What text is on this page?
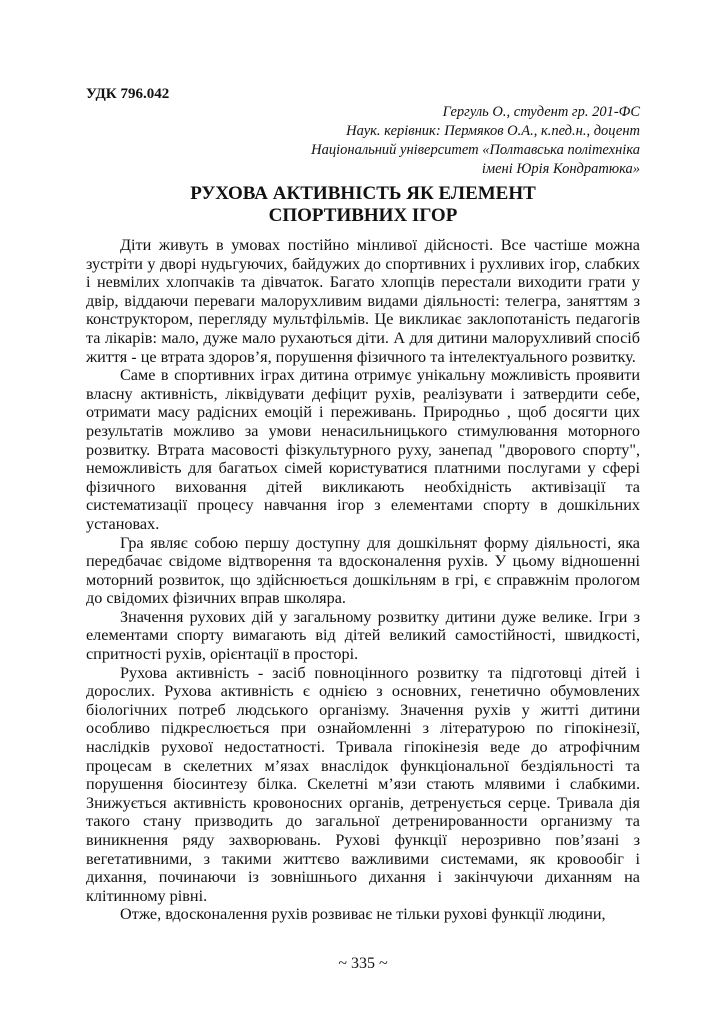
УДК 796.042
Гергуль О., студент гр. 201-ФС
Наук. керівник: Пермяков О.А., к.пед.н., доцент
Національний університет «Полтавська політехніка
імені Юрія Кондратюка»
РУХОВА АКТИВНІСТЬ ЯК ЕЛЕМЕНТ
СПОРТИВНИХ ІГОР

Діти живуть в умовах постійно мінливої дійсності. Все частіше можна зустріти у дворі нудьгуючих, байдужих до спортивних і рухливих ігор, слабких і невмілих хлопчаків та дівчаток. Багато хлопців перестали виходити грати у двір, віддаючи переваги малорухливим видами діяльності: телегра, заняттям з конструктором, перегляду мультфільмів. Це викликає заклопотаність педагогів та лікарів: мало, дуже мало рухаються діти. А для дитини малорухливий спосіб життя - це втрата здоров’я, порушення фізичного та інтелектуального розвитку.

Саме в спортивних іграх дитина отримує унікальну можливість проявити власну активність, ліквідувати дефіцит рухів, реалізувати і затвердити себе, отримати масу радісних емоцій і переживань. Природньо , щоб досягти цих результатів можливо за умови ненасильницького стимулювання моторного розвитку. Втрата масовості фізкультурного руху, занепад "дворового спорту", неможливість для багатьох сімей користуватися платними послугами у сфері фізичного виховання дітей викликають необхідність активізації та систематизації процесу навчання ігор з елементами спорту в дошкільних установах.

Гра являє собою першу доступну для дошкільнят форму діяльності, яка передбачає свідоме відтворення та вдосконалення рухів. У цьому відношенні моторний розвиток, що здійснюється дошкільням в грі, є справжнім прологом до свідомих фізичних вправ школяра.

Значення рухових дій у загальному розвитку дитини дуже велике. Ігри з елементами спорту вимагають від дітей великий самостійності, швидкості, спритності рухів, орієнтації в просторі.

Рухова активність - засіб повноцінного розвитку та підготовці дітей і дорослих. Рухова активність є однією з основних, генетично обумовлених біологічних потреб людського організму. Значення рухів у житті дитини особливо підкреслюється при ознайомленні з літературою по гіпокінезії, наслідків рухової недостатності. Тривала гіпокінезія веде до атрофічним процесам в скелетних м’язах внаслідок функціональної бездіяльності та порушення біосинтезу білка. Скелетні м’язи стають млявими і слабкими. Знижується активність кровоносних органів, детренується серце. Тривала дія такого стану призводить до загальної детренированности организму та виникнення ряду захворювань. Рухові функції нерозривно пов’язані з вегетативними, з такими життєво важливими системами, як кровообіг і дихання, починаючи із зовнішнього дихання і закінчуючи диханням на клітинному рівні.

Отже, вдосконалення рухів розвиває не тільки рухові функції людини,

~ 335 ~
